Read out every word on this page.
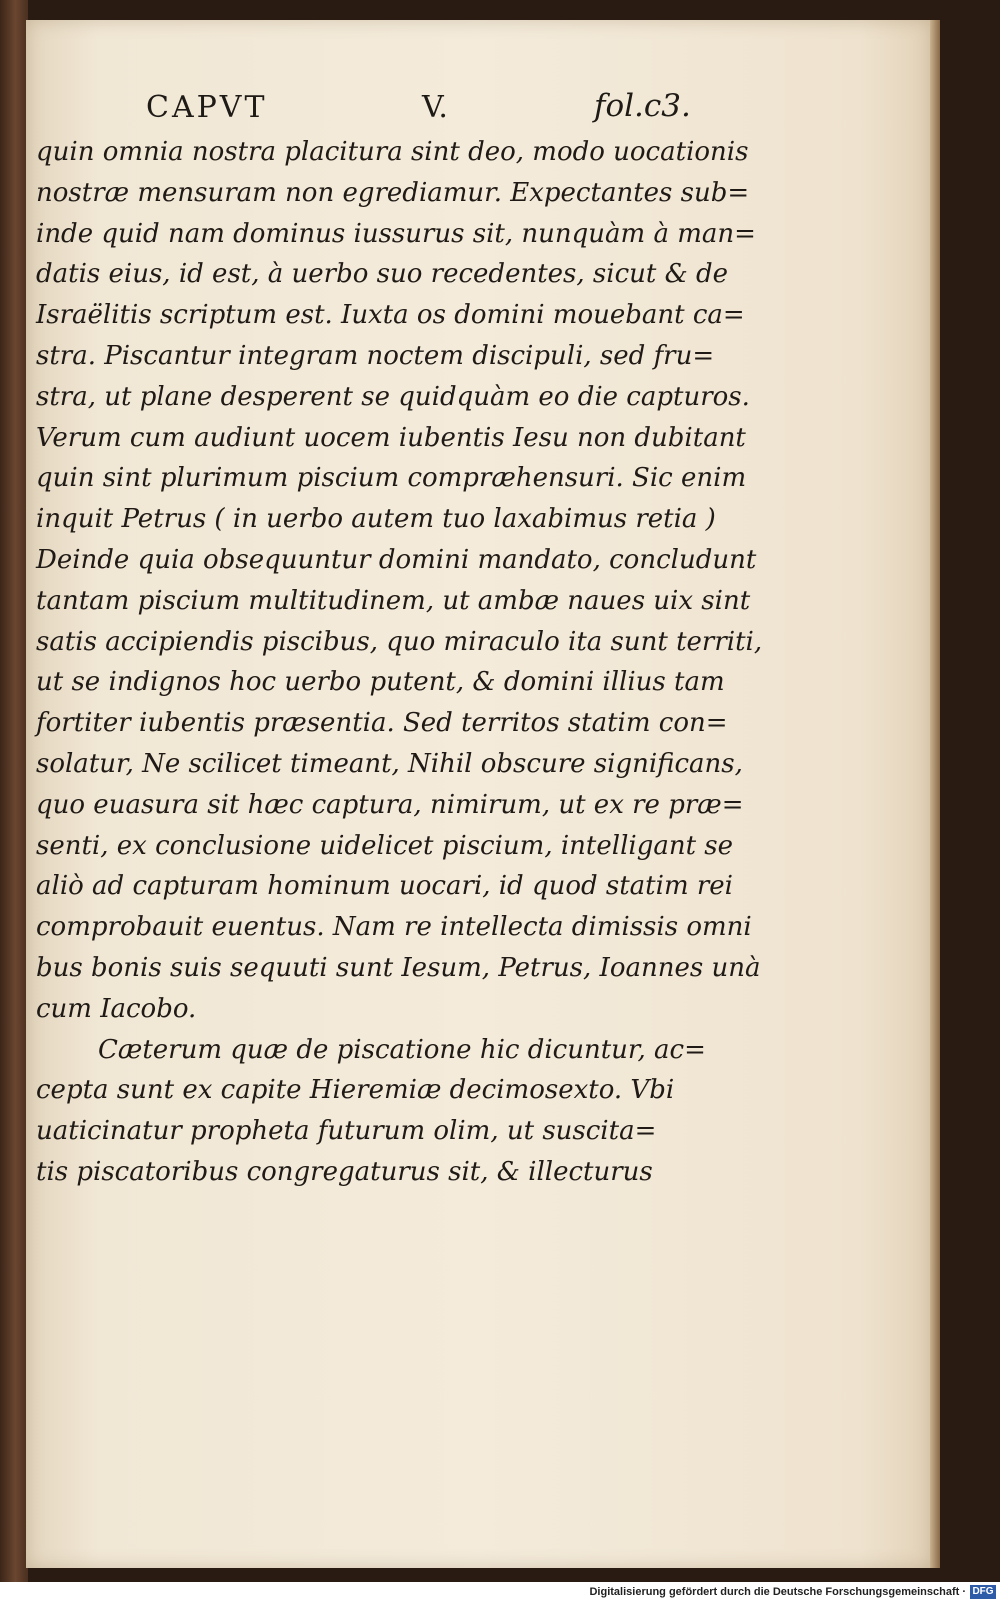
CAPVT	V.	fol.c3.
quin omnia nostra placitura sint deo, modo uocationis
nostræ mensuram non egrediamur. Expectantes sub=
inde quid nam dominus iussurus sit, nunquàm à man=
datis eius, id est, à uerbo suo recedentes, sicut & de
Israëlitis scriptum est. Iuxta os domini mouebant ca=
stra. Piscantur integram noctem discipuli, sed fru=
stra, ut plane desperent se quidquàm eo die capturos.
Verum cum audiunt uocem iubentis Iesu non dubitant
quin sint plurimum piscium compræhensuri. Sic enim
inquit Petrus ( in uerbo autem tuo laxabimus retia )
Deinde quia obsequuntur domini mandato, concludunt
tantam piscium multitudinem, ut ambæ naues uix sint
satis accipiendis piscibus, quo miraculo ita sunt territi,
ut se indignos hoc uerbo putent, & domini illius tam
fortiter iubentis præsentia. Sed territos statim con=
solatur, Ne scilicet timeant, Nihil obscure significans,
quo euasura sit hæc captura, nimirum, ut ex re præ=
senti, ex conclusione uidelicet piscium, intelligant se
aliò ad capturam hominum uocari, id quod statim rei
comprobauit euentus. Nam re intellecta dimissis omni
bus bonis suis sequuti sunt Iesum, Petrus, Ioannes unà
cum Iacobo.
Cæterum quæ de piscatione hic dicuntur, ac=
cepta sunt ex capite Hieremiæ decimosexto. Vbi
uaticinatur propheta futurum olim, ut suscita=
tis piscatoribus congregaturus sit, & illecturus
Digitalisierung gefördert durch die Deutsche Forschungsgemeinschaft · DFG
